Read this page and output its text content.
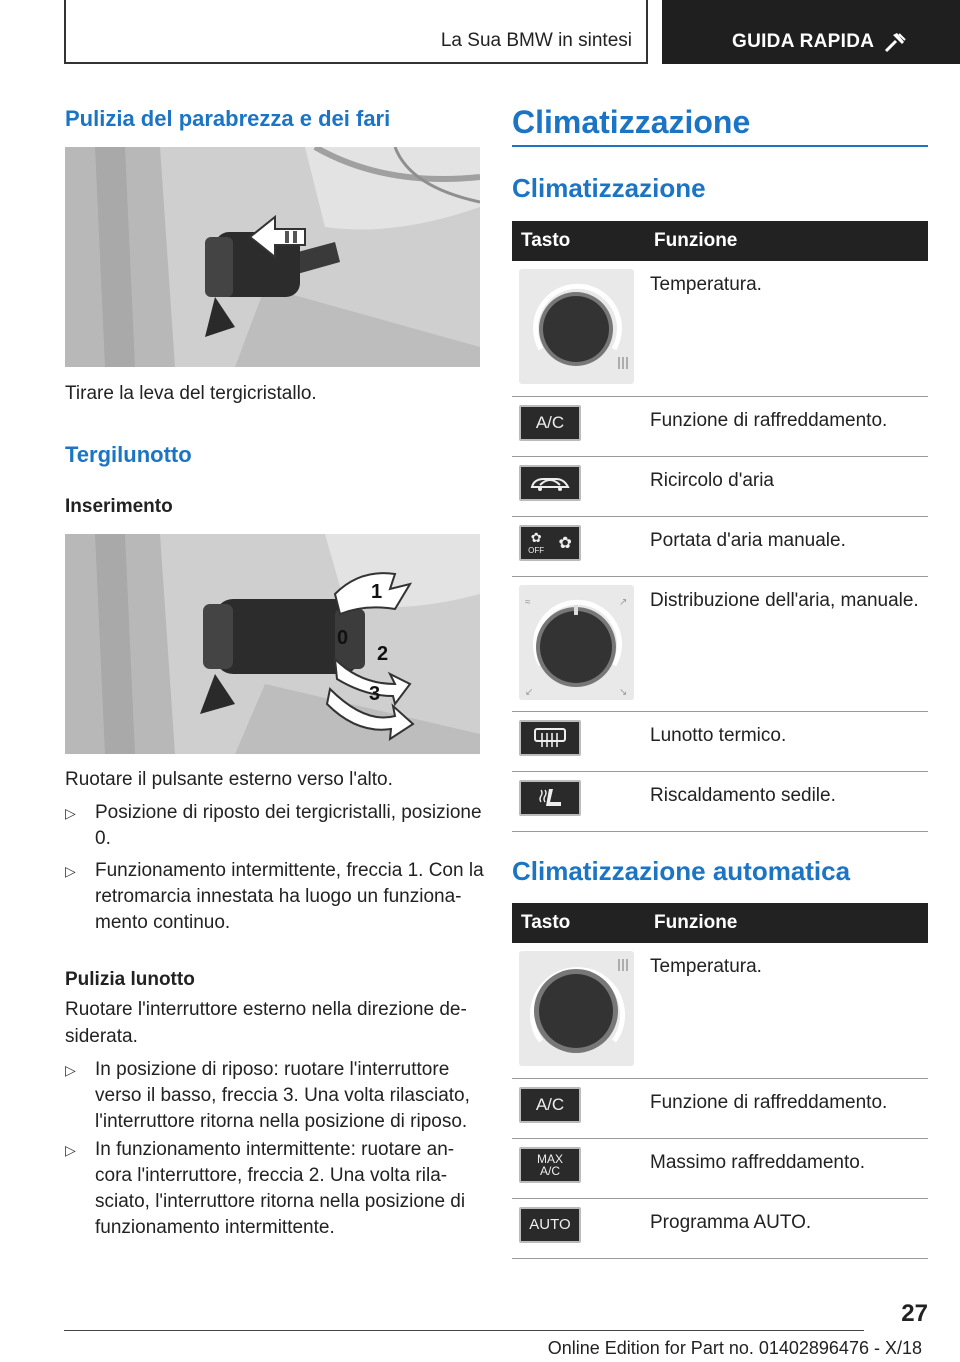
La Sua BMW in sintesi	GUIDA RAPIDA
Pulizia del parabrezza e dei fari

Tirare la leva del tergicristallo.

Tergilunotto

Inserimento

1
0
2
3

Ruotare il pulsante esterno verso l'alto.

▷ Posizione di riposto dei tergicristalli, posizione 0.
▷ Funzionamento intermittente, freccia 1. Con la retromarcia innestata ha luogo un funziona- mento continuo.

Pulizia lunotto

Ruotare l'interruttore esterno nella direzione de- siderata.

▷ In posizione di riposo: ruotare l'interruttore verso il basso, freccia 3. Una volta rilasciato, l'interruttore ritorna nella posizione di riposo.
▷ In funzionamento intermittente: ruotare an- cora l'interruttore, freccia 2. Una volta rila- sciato, l'interruttore ritorna nella posizione di funzionamento intermittente.
Climatizzazione
Climatizzazione
Tasto	Funzione

	Temperatura.

A/C	Funzione di raffreddamento.

	Ricircolo d'aria

✿
OFF ✿	Portata d'aria manuale.

≈ ↗
↙ ↘	Distribuzione dell'aria, manuale.

	Lunotto termico.

	Riscaldamento sedile.
Climatizzazione automatica
Tasto	Funzione

	Temperatura.

A/C	Funzione di raffreddamento.

MAX A/C	Massimo raffreddamento.

AUTO	Programma AUTO.
27
Online Edition for Part no. 01402896476 - X/18
